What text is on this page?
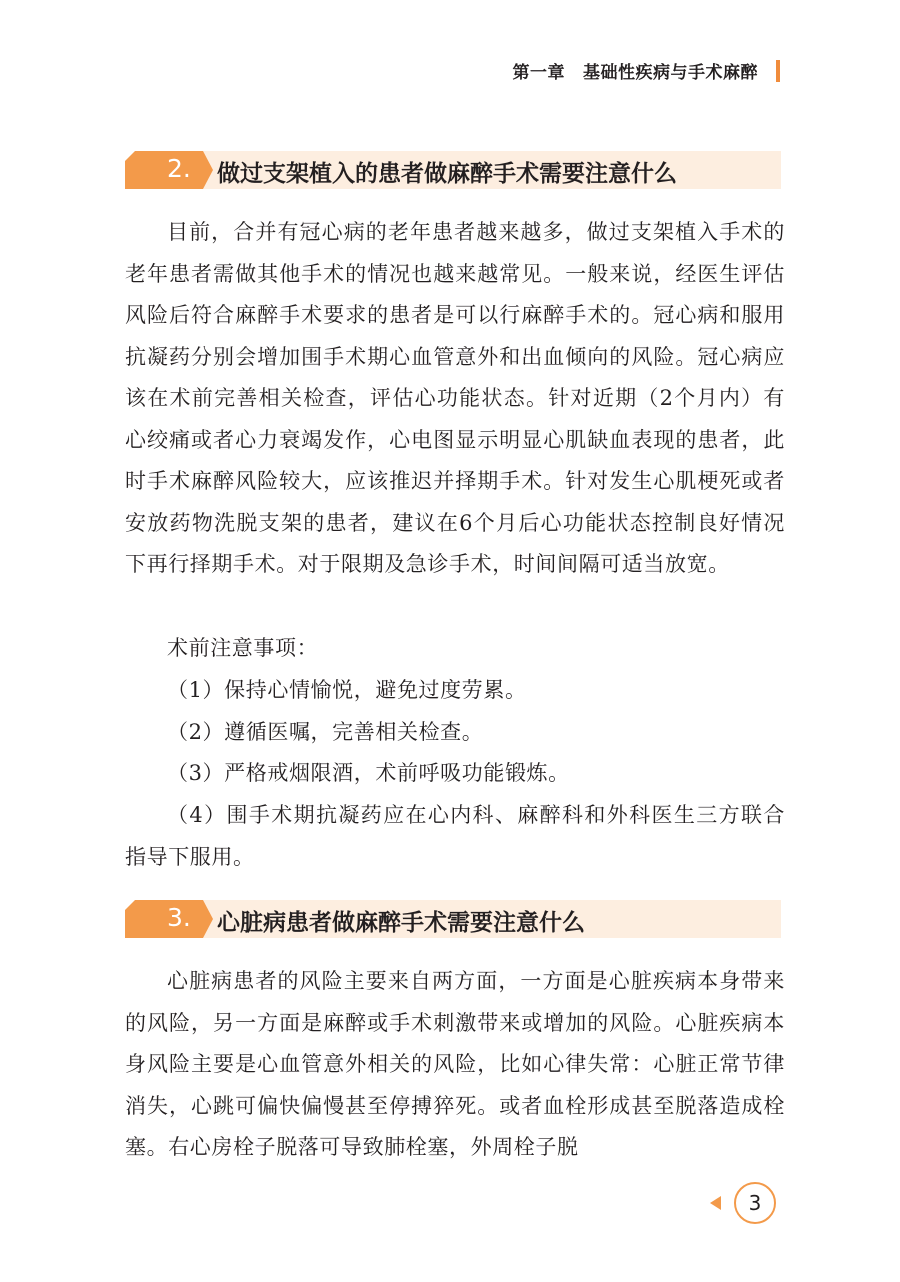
第一章 基础性疾病与手术麻醉
2. 做过支架植入的患者做麻醉手术需要注意什么

目前，合并有冠心病的老年患者越来越多，做过支架植入手术的老年患者需做其他手术的情况也越来越常见。一般来说，经医生评估风险后符合麻醉手术要求的患者是可以行麻醉手术的。冠心病和服用抗凝药分别会增加围手术期心血管意外和出血倾向的风险。冠心病应该在术前完善相关检查，评估心功能状态。针对近期（2个月内）有心绞痛或者心力衰竭发作，心电图显示明显心肌缺血表现的患者，此时手术麻醉风险较大，应该推迟并择期手术。针对发生心肌梗死或者安放药物洗脱支架的患者，建议在6个月后心功能状态控制良好情况下再行择期手术。对于限期及急诊手术，时间间隔可适当放宽。

术前注意事项：

（1）保持心情愉悦，避免过度劳累。

（2）遵循医嘱，完善相关检查。

（3）严格戒烟限酒，术前呼吸功能锻炼。

（4）围手术期抗凝药应在心内科、麻醉科和外科医生三方联合指导下服用。

3. 心脏病患者做麻醉手术需要注意什么

心脏病患者的风险主要来自两方面，一方面是心脏疾病本身带来的风险，另一方面是麻醉或手术刺激带来或增加的风险。心脏疾病本身风险主要是心血管意外相关的风险，比如心律失常：心脏正常节律消失，心跳可偏快偏慢甚至停搏猝死。或者血栓形成甚至脱落造成栓塞。右心房栓子脱落可导致肺栓塞，外周栓子脱

3
